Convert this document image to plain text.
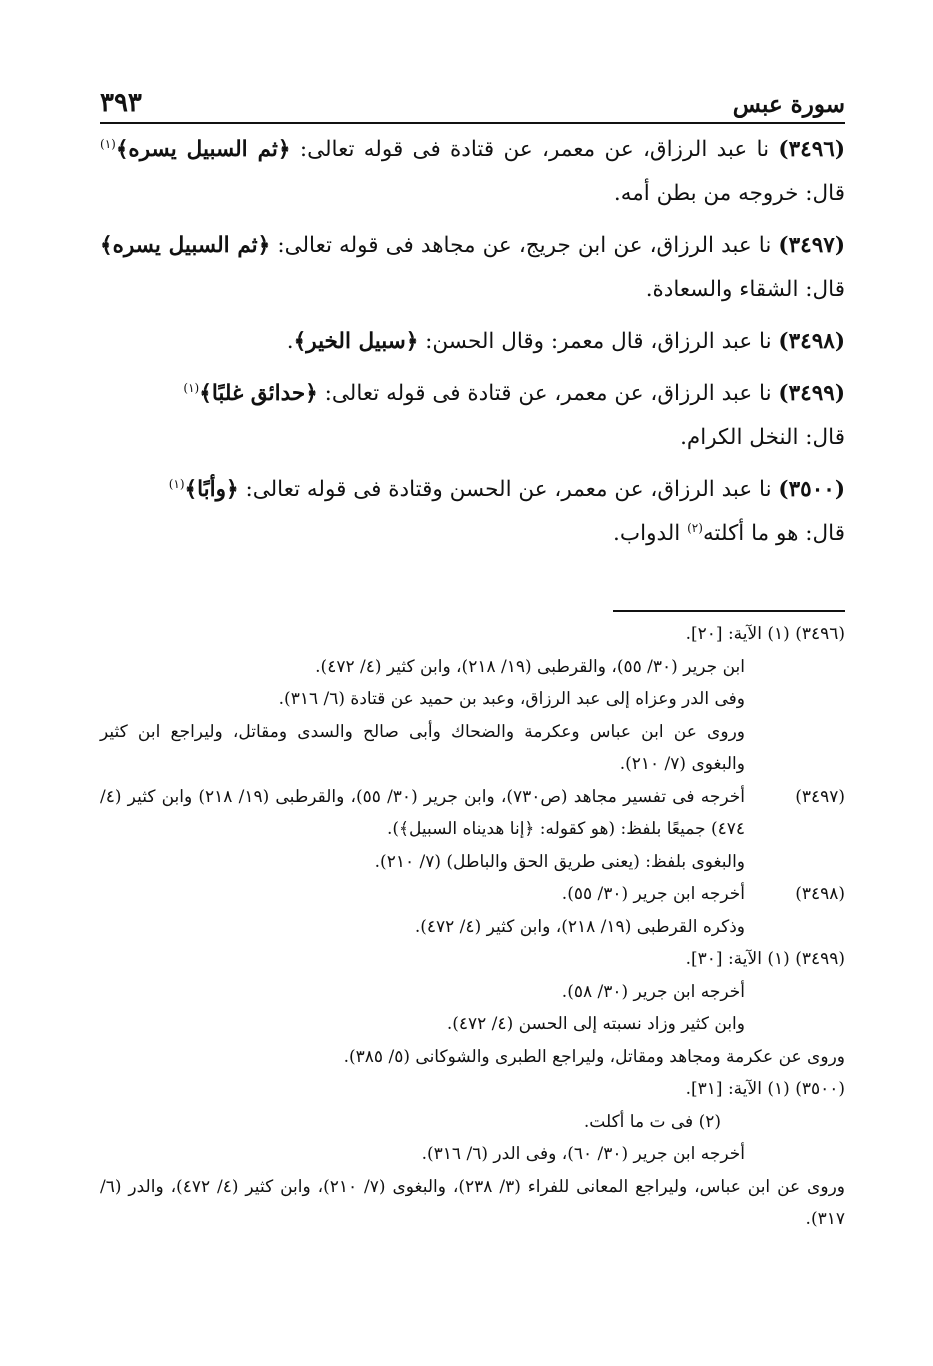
سورة عبس
٣٩٣
(٣٤٩٦) نا عبد الرزاق، عن معمر، عن قتادة فى قوله تعالى: ﴿ثم السبيل يسره﴾$^{(١)}$ قال: خروجه من بطن أمه.
(٣٤٩٧) نا عبد الرزاق، عن ابن جريج، عن مجاهد فى قوله تعالى: ﴿ثم السبيل يسره﴾ قال: الشقاء والسعادة.
(٣٤٩٨) نا عبد الرزاق، قال معمر: وقال الحسن: ﴿سبيل الخير﴾.
(٣٤٩٩) نا عبد الرزاق، عن معمر، عن قتادة فى قوله تعالى: ﴿حدائق غلبًا﴾$^{(١)}$
قال: النخل الكرام.
(٣٥٠٠) نا عبد الرزاق، عن معمر، عن الحسن وقتادة فى قوله تعالى: ﴿وأبًا﴾$^{(١)}$
قال: هو ما أكلته$^{(٢)}$ الدواب.
(٣٤٩٦) (١) الآية: [٢٠].
ابن جرير (٣٠/ ٥٥)، والقرطبى (١٩/ ٢١٨)، وابن كثير (٤/ ٤٧٢).
وفى الدر وعزاه إلى عبد الرزاق، وعبد بن حميد عن قتادة (٦/ ٣١٦).
وروى عن ابن عباس وعكرمة والضحاك وأبى صالح والسدى ومقاتل، وليراجع ابن كثير والبغوى (٧/ ٢١٠).
(٣٤٩٧)
أخرجه فى تفسير مجاهد (ص٧٣٠)، وابن جرير (٣٠/ ٥٥)، والقرطبى (١٩/ ٢١٨) وابن كثير (٤/ ٤٧٤) جميعًا بلفظ: (هو كقوله: ﴿إنا هديناه السبيل﴾).
والبغوى بلفظ: (يعنى طريق الحق والباطل) (٧/ ٢١٠).
(٣٤٩٨)
أخرجه ابن جرير (٣٠/ ٥٥).
وذكره القرطبى (١٩/ ٢١٨)، وابن كثير (٤/ ٤٧٢).
(٣٤٩٩) (١) الآية: [٣٠].
أخرجه ابن جرير (٣٠/ ٥٨).
وابن كثير وزاد نسبته إلى الحسن (٤/ ٤٧٢).
وروى عن عكرمة ومجاهد ومقاتل، وليراجع الطبرى والشوكانى (٥/ ٣٨٥).
(٣٥٠٠) (١) الآية: [٣١].
(٢) فى ت ما أكلت.
أخرجه ابن جرير (٣٠/ ٦٠)، وفى الدر (٦/ ٣١٦).
وروى عن ابن عباس، وليراجع المعانى للفراء (٣/ ٢٣٨)، والبغوى (٧/ ٢١٠)، وابن كثير (٤/ ٤٧٢)، والدر (٦/ ٣١٧).
